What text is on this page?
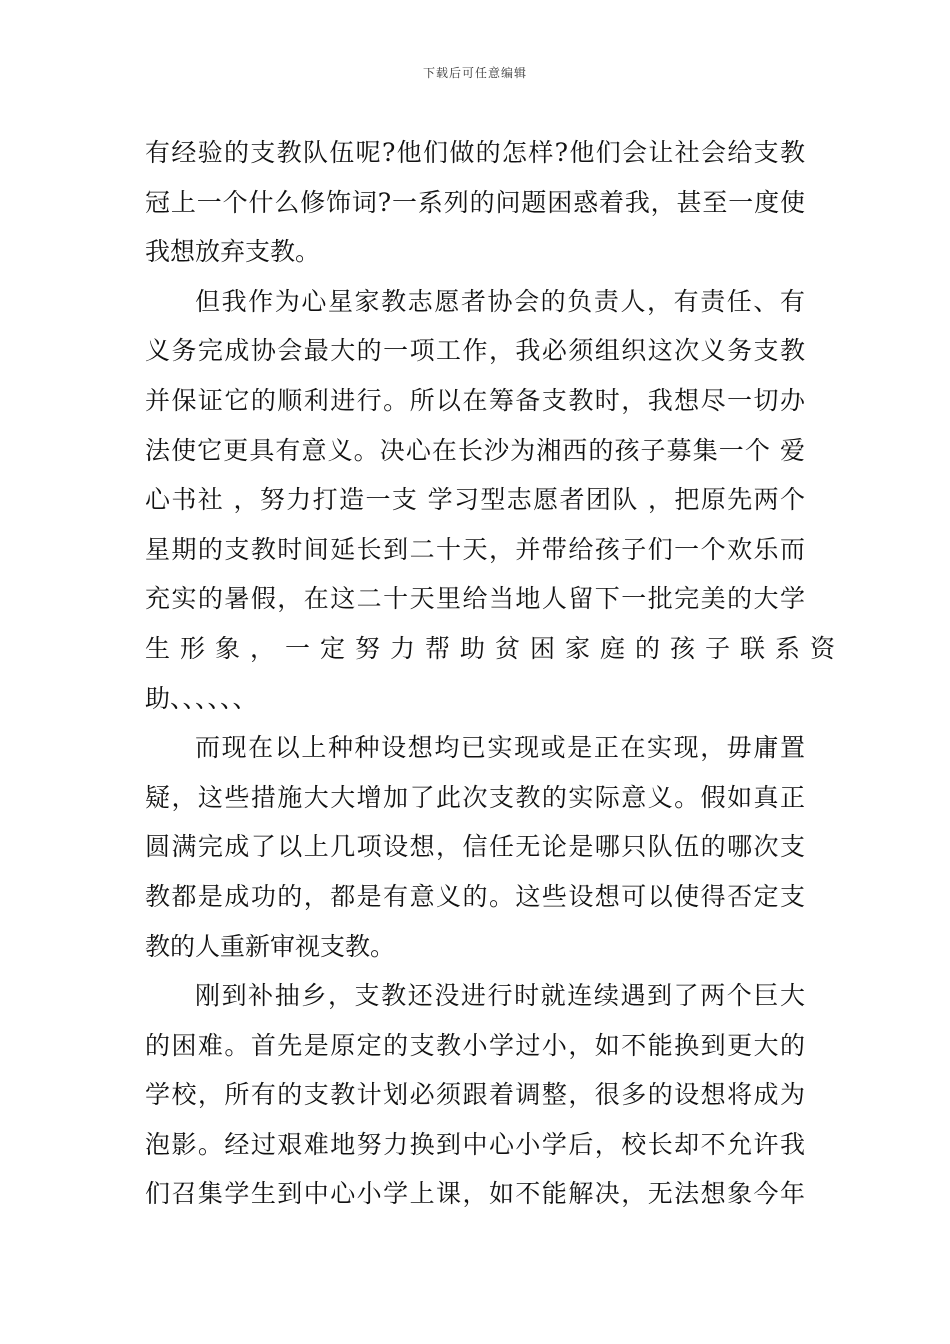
下载后可任意编辑
有经验的支教队伍呢?他们做的怎样?他们会让社会给支教
冠上一个什么修饰词?一系列的问题困惑着我，甚至一度使
我想放弃支教。
但我作为心星家教志愿者协会的负责人，有责任、有
义务完成协会最大的一项工作，我必须组织这次义务支教
并保证它的顺利进行。所以在筹备支教时，我想尽一切办
法使它更具有意义。决心在长沙为湘西的孩子募集一个 爱
心书社 ，努力打造一支 学习型志愿者团队 ，把原先两个
星期的支教时间延长到二十天，并带给孩子们一个欢乐而
充实的暑假，在这二十天里给当地人留下一批完美的大学
生形象，一定努力帮助贫困家庭的孩子联系资
助、、、、、、
而现在以上种种设想均已实现或是正在实现，毋庸置
疑，这些措施大大增加了此次支教的实际意义。假如真正
圆满完成了以上几项设想，信任无论是哪只队伍的哪次支
教都是成功的，都是有意义的。这些设想可以使得否定支
教的人重新审视支教。
刚到补抽乡，支教还没进行时就连续遇到了两个巨大
的困难。首先是原定的支教小学过小，如不能换到更大的
学校，所有的支教计划必须跟着调整，很多的设想将成为
泡影。经过艰难地努力换到中心小学后，校长却不允许我
们召集学生到中心小学上课，如不能解决，无法想象今年
